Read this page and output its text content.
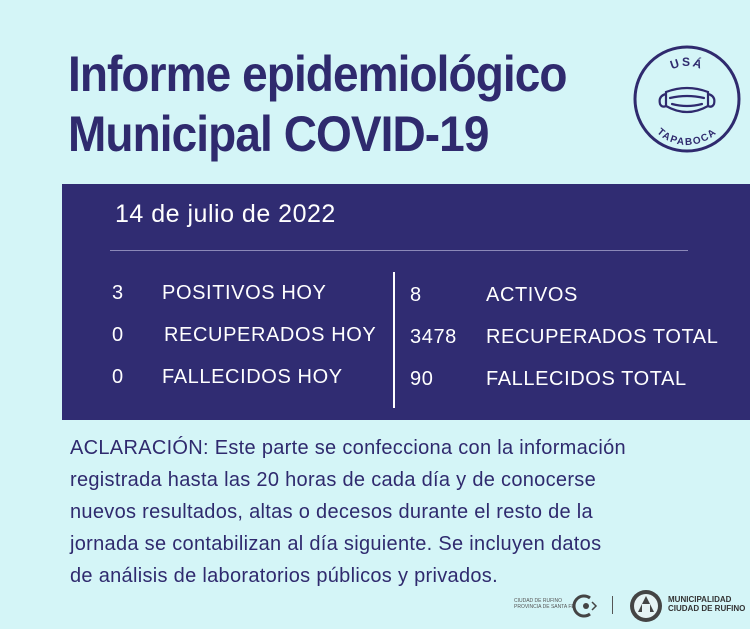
Informe epidemiológico
Municipal COVID-19
USÁ
TAPABOCA
14 de julio de 2022
3 POSITIVOS HOY
0 RECUPERADOS HOY
0 FALLECIDOS HOY
8	ACTIVOS
3478 RECUPERADOS TOTAL
90	FALLECIDOS TOTAL
ACLARACIÓN: Este parte se confecciona con la información
registrada hasta las 20 horas de cada día y de conocerse
nuevos resultados, altas o decesos durante el resto de la
jornada se contabilizan al día siguiente. Se incluyen datos
de análisis de laboratorios públicos y privados.
CIUDAD DE RUFINO
PROVINCIA DE SANTA FE
MUNICIPALIDAD
CIUDAD DE RUFINO
